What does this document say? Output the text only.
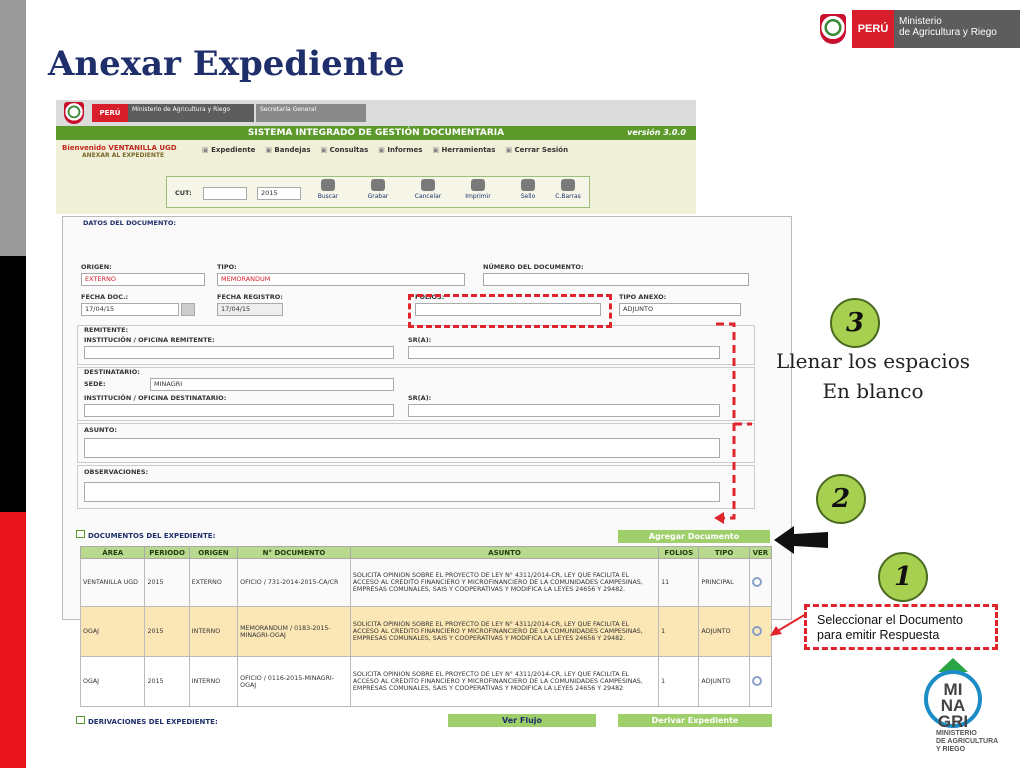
Anexar Expediente
PERÚ
Ministerio
de Agricultura y Riego
PERÚ	Ministerio de Agricultura y Riego	Secretaría General
SISTEMA INTEGRADO DE GESTIÓN DOCUMENTARIA	versión 3.0.0
Bienvenido VENTANILLA UGD
ANEXAR AL EXPEDIENTE
▣ Expediente	▣ Bandejas	▣ Consultas	▣ Informes	▣ Herramientas	▣ Cerrar Sesión
CUT:	2015	Buscar	Grabar	Cancelar	Imprimir	Sello	C.Barras
DATOS DEL DOCUMENTO:
ORIGEN:
EXTERNO
TIPO:
MEMORANDUM
NÚMERO DEL DOCUMENTO:
FECHA DOC.:
17/04/15
FECHA REGISTRO:
17/04/15
FOLIOS:	TIPO ANEXO:
ADJUNTO
REMITENTE:
INSTITUCIÓN / OFICINA REMITENTE:	SR(A):
DESTINATARIO:
SEDE:	MINAGRI
INSTITUCIÓN / OFICINA DESTINATARIO:	SR(A):
ASUNTO:
OBSERVACIONES:
DOCUMENTOS DEL EXPEDIENTE:	Agregar Documento
ÁREA	PERIODO	ORIGEN	N° DOCUMENTO	ASUNTO	FOLIOS	TIPO	VER
VENTANILLA UGD	2015	EXTERNO	OFICIO / 731-2014-2015-CA/CR	SOLICITA OPINION SOBRE EL PROYECTO DE LEY N° 4311/2014-CR, LEY QUE FACILITA EL ACCESO AL CREDITO FINANCIERO Y MICROFINANCIERO DE LA COMUNIDADES CAMPESINAS, EMPRESAS COMUNALES, SAIS Y COOPERATIVAS Y MODIFICA LA LEYES 24656 Y 29482.	11	PRINCIPAL	
OGAJ	2015	INTERNO	MEMORANDUM / 0183-2015-MINAGRI-OGAJ	SOLICITA OPINION SOBRE EL PROYECTO DE LEY N° 4311/2014-CR, LEY QUE FACILITA EL ACCESO AL CREDITO FINANCIERO Y MICROFINANCIERO DE LA COMUNIDADES CAMPESINAS, EMPRESAS COMUNALES, SAIS Y COOPERATIVAS Y MODIFICA LA LEYES 24656 Y 29482.	1	ADJUNTO	
OGAJ	2015	INTERNO	OFICIO / 0116-2015-MINAGRI-OGAJ	SOLICITA OPINION SOBRE EL PROYECTO DE LEY N° 4311/2014-CR, LEY QUE FACILITA EL ACCESO AL CREDITO FINANCIERO Y MICROFINANCIERO DE LA COMUNIDADES CAMPESINAS, EMPRESAS COMUNALES, SAIS Y COOPERATIVAS Y MODIFICA LA LEYES 24656 Y 29482	1	ADJUNTO	
DERIVACIONES DEL EXPEDIENTE:	Ver Flujo	Derivar Expediente
3
Llenar los espacios
En blanco
2
1
Seleccionar el Documento
para emitir Respuesta
MI
NA
GRI
MINISTERIO
DE AGRICULTURA
Y RIEGO
